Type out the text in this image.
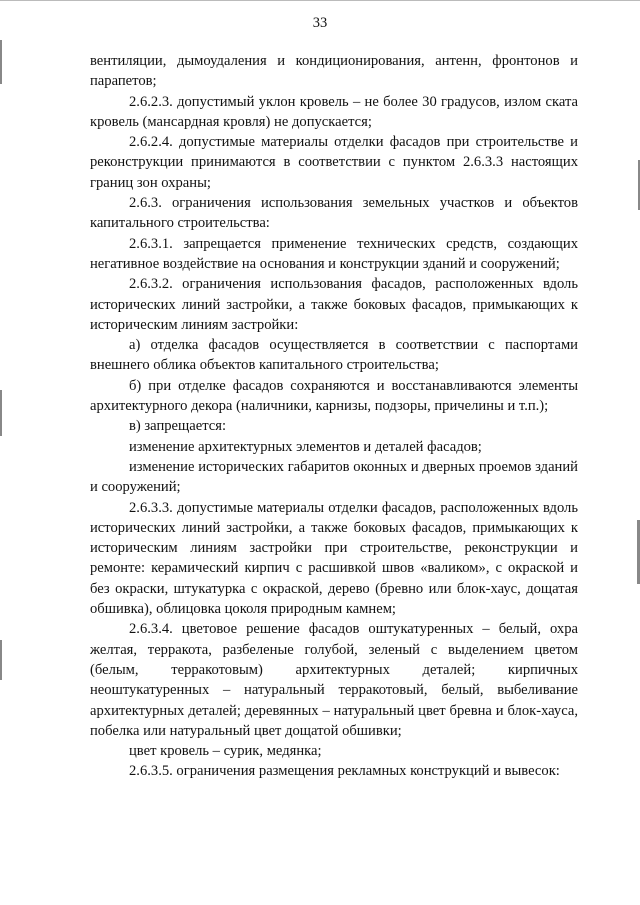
33

вентиляции, дымоудаления и кондиционирования, антенн, фронтонов и парапетов;

2.6.2.3. допустимый уклон кровель – не более 30 градусов, излом ската кровель (мансардная кровля) не допускается;

2.6.2.4. допустимые материалы отделки фасадов при строительстве и реконструкции принимаются в соответствии с пунктом 2.6.3.3 настоящих границ зон охраны;

2.6.3. ограничения использования земельных участков и объектов капитального строительства:

2.6.3.1. запрещается применение технических средств, создающих негативное воздействие на основания и конструкции зданий и сооружений;

2.6.3.2. ограничения использования фасадов, расположенных вдоль исторических линий застройки, а также боковых фасадов, примыкающих к историческим линиям застройки:

а) отделка фасадов осуществляется в соответствии с паспортами внешнего облика объектов капитального строительства;

б) при отделке фасадов сохраняются и восстанавливаются элементы архитектурного декора (наличники, карнизы, подзоры, причелины и т.п.);

в) запрещается:

изменение архитектурных элементов и деталей фасадов;

изменение исторических габаритов оконных и дверных проемов зданий и сооружений;

2.6.3.3. допустимые материалы отделки фасадов, расположенных вдоль исторических линий застройки, а также боковых фасадов, примыкающих к историческим линиям застройки при строительстве, реконструкции и ремонте: керамический кирпич с расшивкой швов «валиком», с окраской и без окраски, штукатурка с окраской, дерево (бревно или блок-хаус, дощатая обшивка), облицовка цоколя природным камнем;

2.6.3.4. цветовое решение фасадов оштукатуренных – белый, охра желтая, терракота, разбеленые голубой, зеленый с выделением цветом (белым, терракотовым) архитектурных деталей; кирпичных неоштукатуренных – натуральный терракотовый, белый, выбеливание архитектурных деталей; деревянных – натуральный цвет бревна и блок-хауса, побелка или натуральный цвет дощатой обшивки;

цвет кровель – сурик, медянка;

2.6.3.5. ограничения размещения рекламных конструкций и вывесок:
